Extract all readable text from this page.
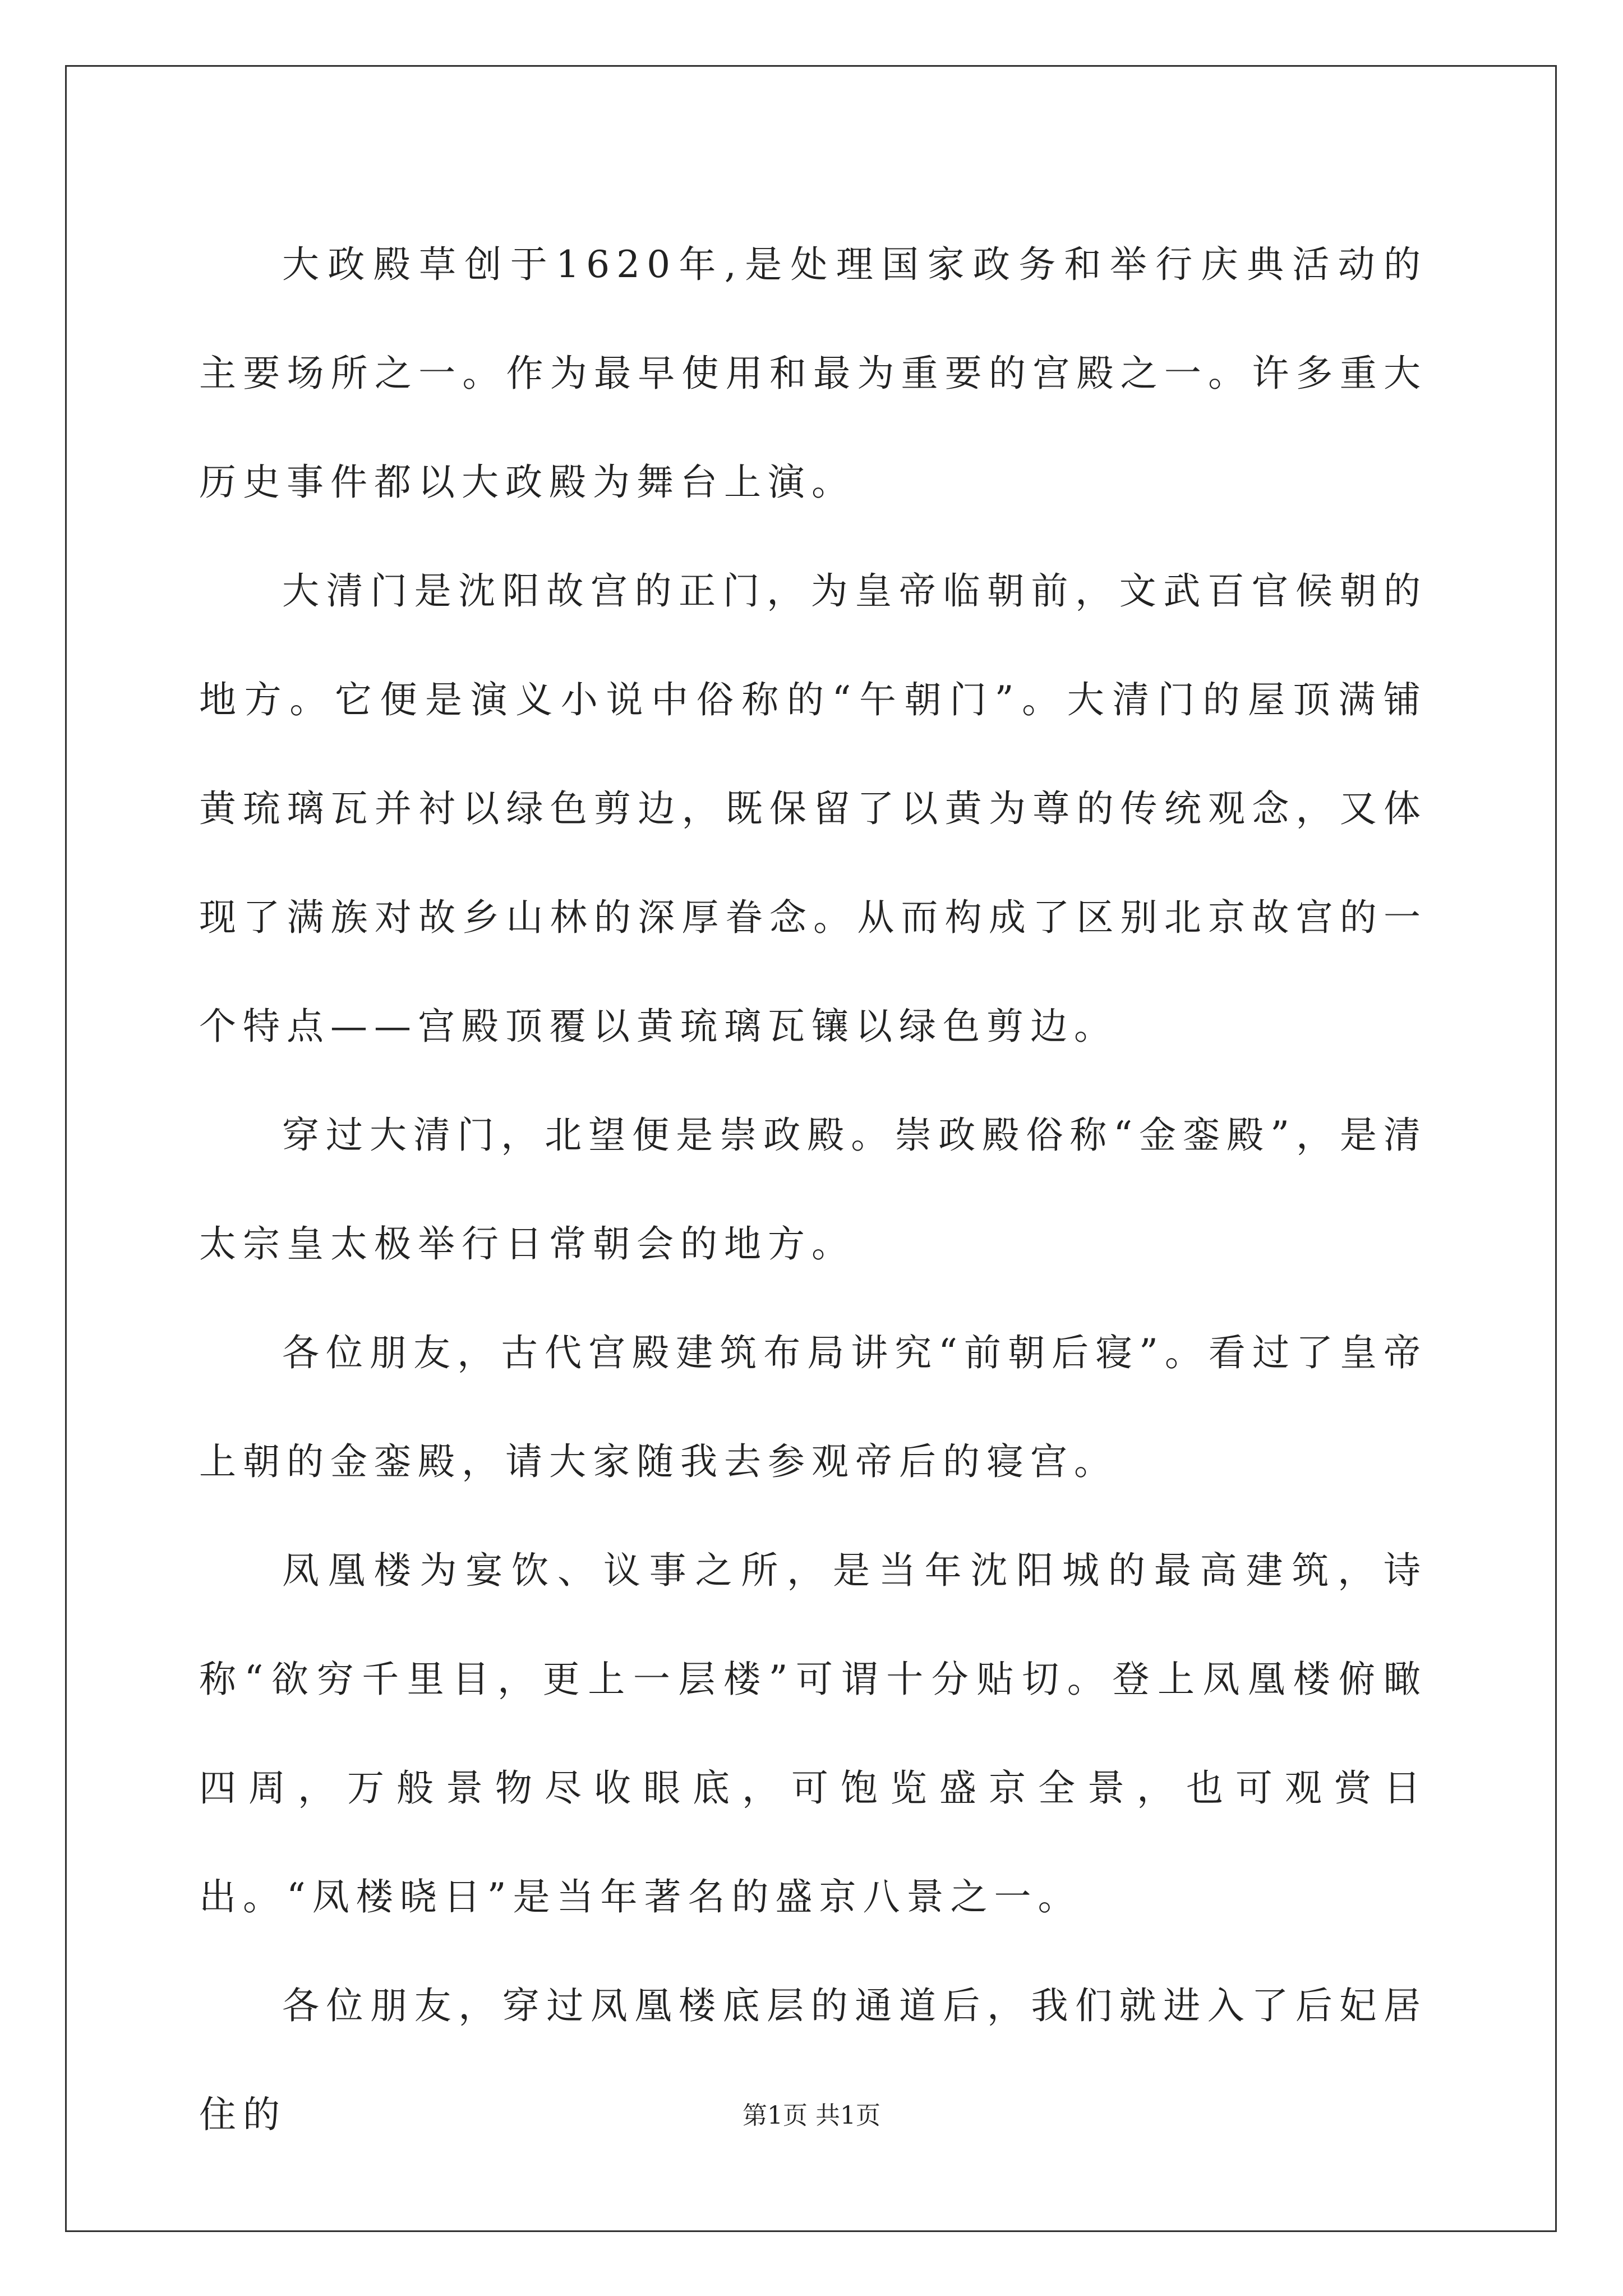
大政殿草创于1620年,是处理国家政务和举行庆典活动的主要场所之一。作为最早使用和最为重要的宫殿之一。许多重大历史事件都以大政殿为舞台上演。

大清门是沈阳故宫的正门，为皇帝临朝前，文武百官候朝的地方。它便是演义小说中俗称的“午朝门”。大清门的屋顶满铺黄琉璃瓦并衬以绿色剪边，既保留了以黄为尊的传统观念，又体现了满族对故乡山林的深厚眷念。从而构成了区别北京故宫的一个特点——宫殿顶覆以黄琉璃瓦镶以绿色剪边。

穿过大清门，北望便是崇政殿。崇政殿俗称“金銮殿”，是清太宗皇太极举行日常朝会的地方。

各位朋友，古代宫殿建筑布局讲究“前朝后寝”。看过了皇帝上朝的金銮殿，请大家随我去参观帝后的寝宫。

凤凰楼为宴饮、议事之所，是当年沈阳城的最高建筑，诗称“欲穷千里目，更上一层楼”可谓十分贴切。登上凤凰楼俯瞰四周，万般景物尽收眼底，可饱览盛京全景，也可观赏日出。“凤楼晓日”是当年著名的盛京八景之一。

各位朋友，穿过凤凰楼底层的通道后，我们就进入了后妃居住的	第1页 共1页
